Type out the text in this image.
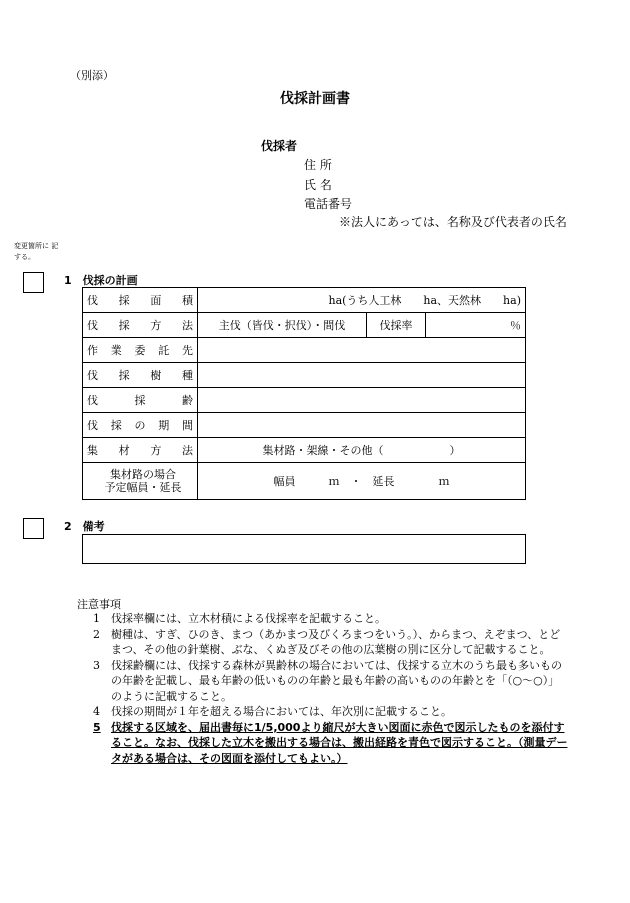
（別添）
伐採計画書
伐採者
住 所
氏 名
電話番号
※法人にあっては、名称及び代表者の氏名
変更箇所に 記する。
1　伐採の計画
伐 採 面 積	ha(うち人工林　　ha、天然林　　ha)		

伐 採 方 法	主伐（皆伐・択伐）・間伐	伐採率	％

作 業 委 託 先			

伐 採 樹 種			

伐 採 齢			

伐 採 の 期 間			

集 材 方 法	集材路・架線・その他（　　　　　　）		

集材路の場合
予定幅員・延長	幅員　　　ｍ　・　延長　　　　ｍ		
2　備考
注意事項
1	伐採率欄には、立木材積による伐採率を記載すること。
2	樹種は、すぎ、ひのき、まつ（あかまつ及びくろまつをいう。）、からまつ、えぞまつ、とどまつ、その他の針葉樹、ぶな、くぬぎ及びその他の広葉樹の別に区分して記載すること。
3	伐採齢欄には、伐採する森林が異齢林の場合においては、伐採する立木のうち最も多いものの年齢を記載し、最も年齢の低いものの年齢と最も年齢の高いものの年齢とを「（○～○）」のように記載すること。
4	伐採の期間が１年を超える場合においては、年次別に記載すること。
5 伐採する区域を、届出書毎に1/5,000より縮尺が大きい図面に赤色で図示したものを添付すること。なお、伐採した立木を搬出する場合は、搬出経路を青色で図示すること。（測量データがある場合は、その図面を添付してもよい。）
